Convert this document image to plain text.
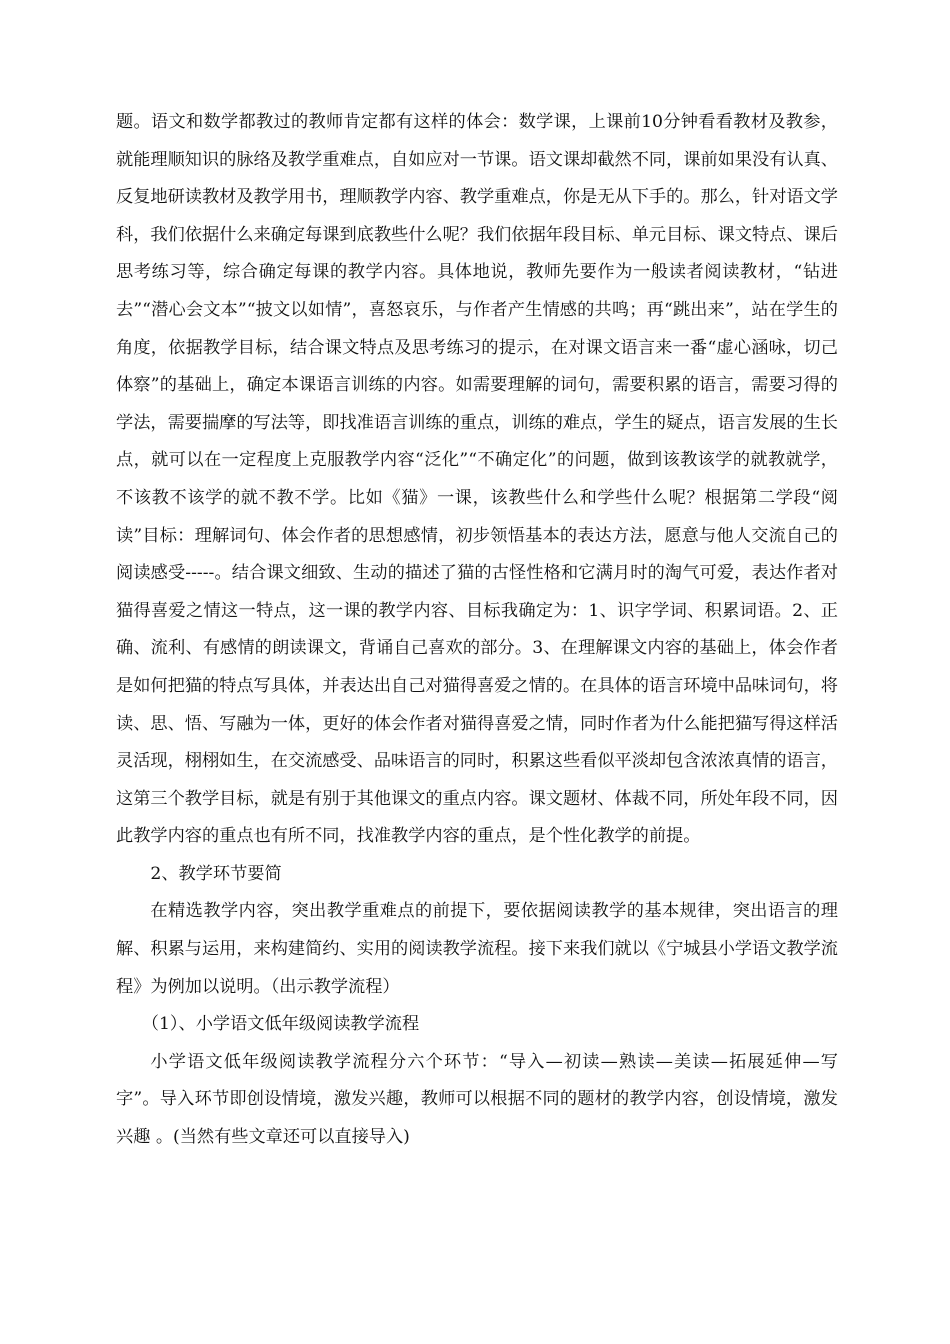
题。语文和数学都教过的教师肯定都有这样的体会：数学课，上课前10分钟看看教材及教参，就能理顺知识的脉络及教学重难点，自如应对一节课。语文课却截然不同，课前如果没有认真、反复地研读教材及教学用书，理顺教学内容、教学重难点，你是无从下手的。那么，针对语文学科，我们依据什么来确定每课到底教些什么呢？我们依据年段目标、单元目标、课文特点、课后思考练习等，综合确定每课的教学内容。具体地说，教师先要作为一般读者阅读教材，“钻进去”“潜心会文本”“披文以如情”，喜怒哀乐，与作者产生情感的共鸣；再“跳出来”，站在学生的角度，依据教学目标，结合课文特点及思考练习的提示，在对课文语言来一番“虚心涵咏，切己体察”的基础上，确定本课语言训练的内容。如需要理解的词句，需要积累的语言，需要习得的学法，需要揣摩的写法等，即找准语言训练的重点，训练的难点，学生的疑点，语言发展的生长点，就可以在一定程度上克服教学内容“泛化”“不确定化”的问题，做到该教该学的就教就学，不该教不该学的就不教不学。比如《猫》一课，该教些什么和学些什么呢？根据第二学段“阅读”目标：理解词句、体会作者的思想感情，初步领悟基本的表达方法，愿意与他人交流自己的阅读感受-----。结合课文细致、生动的描述了猫的古怪性格和它满月时的淘气可爱，表达作者对猫得喜爱之情这一特点，这一课的教学内容、目标我确定为：1、识字学词、积累词语。2、正确、流利、有感情的朗读课文，背诵自己喜欢的部分。3、在理解课文内容的基础上，体会作者是如何把猫的特点写具体，并表达出自己对猫得喜爱之情的。在具体的语言环境中品味词句，将读、思、悟、写融为一体，更好的体会作者对猫得喜爱之情，同时作者为什么能把猫写得这样活灵活现，栩栩如生，在交流感受、品味语言的同时，积累这些看似平淡却包含浓浓真情的语言，这第三个教学目标，就是有别于其他课文的重点内容。课文题材、体裁不同，所处年段不同，因此教学内容的重点也有所不同，找准教学内容的重点，是个性化教学的前提。

2、教学环节要简

在精选教学内容，突出教学重难点的前提下，要依据阅读教学的基本规律，突出语言的理解、积累与运用，来构建简约、实用的阅读教学流程。接下来我们就以《宁城县小学语文教学流程》为例加以说明。（出示教学流程）

（1）、小学语文低年级阅读教学流程

小学语文低年级阅读教学流程分六个环节：“导入—初读—熟读—美读—拓展延伸—写字”。导入环节即创设情境，激发兴趣，教师可以根据不同的题材的教学内容，创设情境，激发兴趣 。(当然有些文章还可以直接导入)
